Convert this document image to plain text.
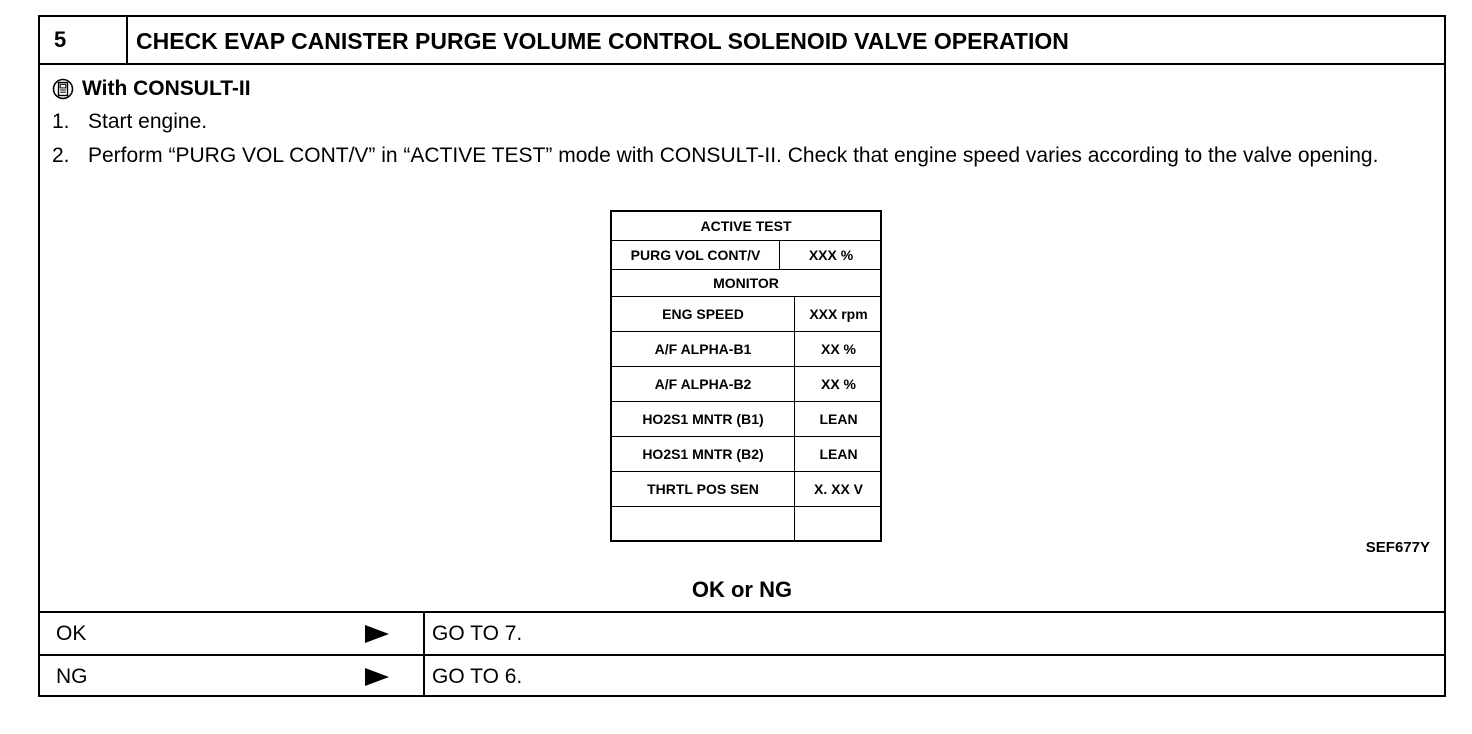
5	CHECK EVAP CANISTER PURGE VOLUME CONTROL SOLENOID VALVE OPERATION
With CONSULT-II
1. Start engine.
2. Perform “PURG VOL CONT/V” in “ACTIVE TEST” mode with CONSULT-II. Check that engine speed varies according to the valve opening.
ACTIVE TEST
PURG VOL CONT/V	XXX %
MONITOR
ENG SPEED	XXX rpm
A/F ALPHA-B1	XX %
A/F ALPHA-B2	XX %
HO2S1 MNTR (B1)	LEAN
HO2S1 MNTR (B2)	LEAN
THRTL POS SEN	X. XX V
SEF677Y
OK or NG
OK	GO TO 7.
NG	GO TO 6.
